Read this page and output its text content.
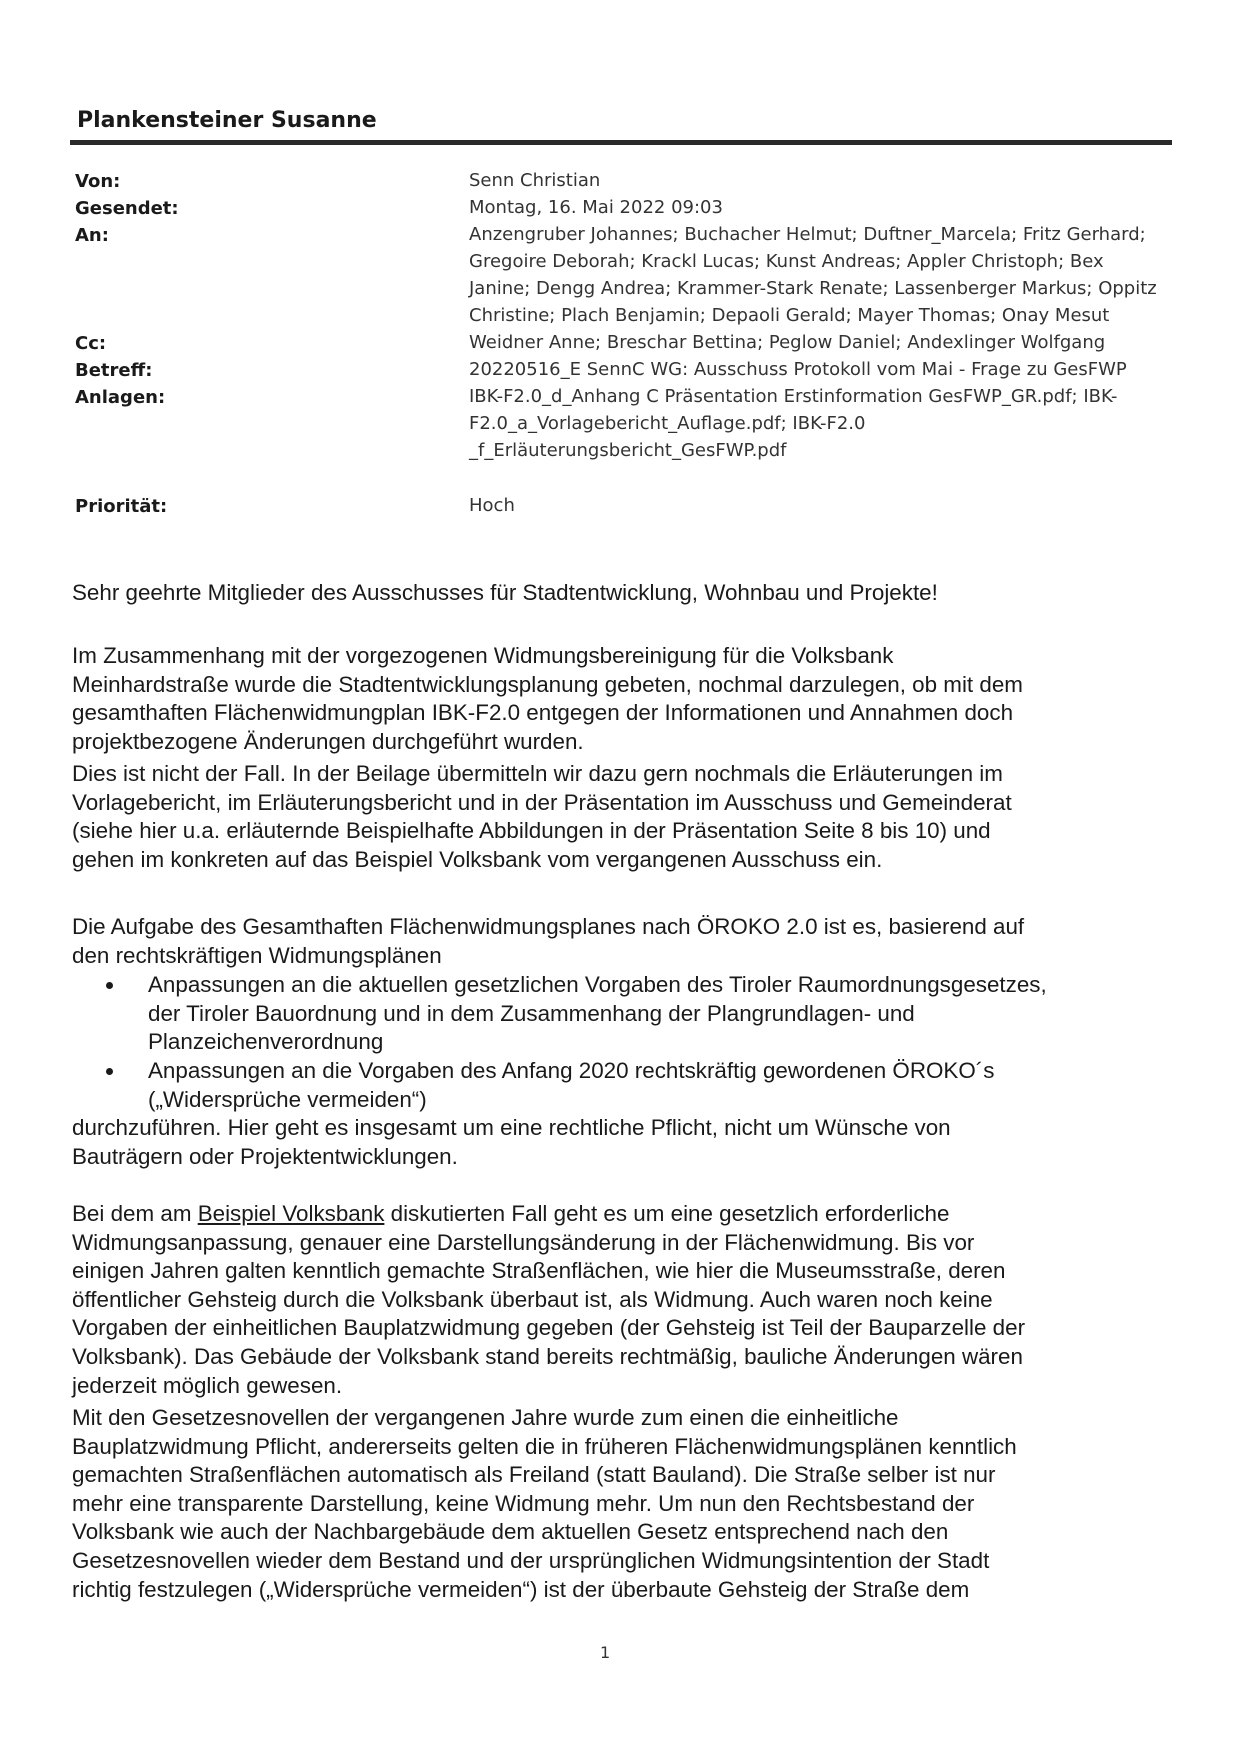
Plankensteiner Susanne
Von:	Senn Christian
Gesendet:	Montag, 16. Mai 2022 09:03
An:	Anzengruber Johannes; Buchacher Helmut; Duftner_Marcela; Fritz Gerhard;
Gregoire Deborah; Krackl Lucas; Kunst Andreas; Appler Christoph; Bex
Janine; Dengg Andrea; Krammer-Stark Renate; Lassenberger Markus; Oppitz
Christine; Plach Benjamin; Depaoli Gerald; Mayer Thomas; Onay Mesut
Cc:	Weidner Anne; Breschar Bettina; Peglow Daniel; Andexlinger Wolfgang
Betreff:	20220516_E SennC WG: Ausschuss Protokoll vom Mai - Frage zu GesFWP
Anlagen:	IBK-F2.0_d_Anhang C Präsentation Erstinformation GesFWP_GR.pdf; IBK-
F2.0_a_Vorlagebericht_Auflage.pdf; IBK-F2.0
_f_Erläuterungsbericht_GesFWP.pdf
Priorität:	Hoch
Sehr geehrte Mitglieder des Ausschusses für Stadtentwicklung, Wohnbau und Projekte!
Im Zusammenhang mit der vorgezogenen Widmungsbereinigung für die Volksbank
Meinhardstraße wurde die Stadtentwicklungsplanung gebeten, nochmal darzulegen, ob mit dem
gesamthaften Flächenwidmungplan IBK-F2.0 entgegen der Informationen und Annahmen doch
projektbezogene Änderungen durchgeführt wurden.
Dies ist nicht der Fall. In der Beilage übermitteln wir dazu gern nochmals die Erläuterungen im
Vorlagebericht, im Erläuterungsbericht und in der Präsentation im Ausschuss und Gemeinderat
(siehe hier u.a. erläuternde Beispielhafte Abbildungen in der Präsentation Seite 8 bis 10) und
gehen im konkreten auf das Beispiel Volksbank vom vergangenen Ausschuss ein.
Die Aufgabe des Gesamthaften Flächenwidmungsplanes nach ÖROKO 2.0 ist es, basierend auf
den rechtskräftigen Widmungsplänen
Anpassungen an die aktuellen gesetzlichen Vorgaben des Tiroler Raumordnungsgesetzes,
der Tiroler Bauordnung und in dem Zusammenhang der Plangrundlagen- und
Planzeichenverordnung
Anpassungen an die Vorgaben des Anfang 2020 rechtskräftig gewordenen ÖROKO´s
(„Widersprüche vermeiden“)
durchzuführen. Hier geht es insgesamt um eine rechtliche Pflicht, nicht um Wünsche von
Bauträgern oder Projektentwicklungen.
Bei dem am Beispiel Volksbank diskutierten Fall geht es um eine gesetzlich erforderliche
Widmungsanpassung, genauer eine Darstellungsänderung in der Flächenwidmung. Bis vor
einigen Jahren galten kenntlich gemachte Straßenflächen, wie hier die Museumsstraße, deren
öffentlicher Gehsteig durch die Volksbank überbaut ist, als Widmung. Auch waren noch keine
Vorgaben der einheitlichen Bauplatzwidmung gegeben (der Gehsteig ist Teil der Bauparzelle der
Volksbank). Das Gebäude der Volksbank stand bereits rechtmäßig, bauliche Änderungen wären
jederzeit möglich gewesen.
Mit den Gesetzesnovellen der vergangenen Jahre wurde zum einen die einheitliche
Bauplatzwidmung Pflicht, andererseits gelten die in früheren Flächenwidmungsplänen kenntlich
gemachten Straßenflächen automatisch als Freiland (statt Bauland). Die Straße selber ist nur
mehr eine transparente Darstellung, keine Widmung mehr. Um nun den Rechtsbestand der
Volksbank wie auch der Nachbargebäude dem aktuellen Gesetz entsprechend nach den
Gesetzesnovellen wieder dem Bestand und der ursprünglichen Widmungsintention der Stadt
richtig festzulegen („Widersprüche vermeiden“) ist der überbaute Gehsteig der Straße dem
1
